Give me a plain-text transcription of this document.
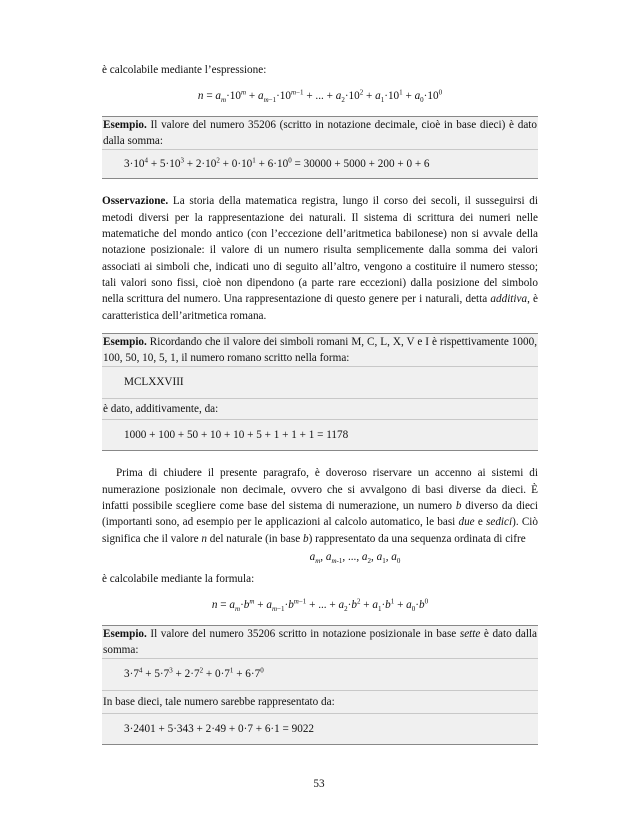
è calcolabile mediante l’espressione:

$n = a_m\cdot 10^m + a_{m-1}\cdot 10^{m-1}$ + ... + $a_2\cdot 10^2 + a_1\cdot 10^1 + a_0\cdot 10^0$
Esempio. Il valore del numero 35206 (scritto in notazione decimale, cioè in base dieci) è dato dalla somma:
$3\cdot 10^4 + 5\cdot 10^3 + 2\cdot 10^2 + 0\cdot 10^1 + 6\cdot 10^0 = 30000 + 5000 + 200 + 0 + 6$

Osservazione. La storia della matematica registra, lungo il corso dei secoli, il susseguirsi di metodi diversi per la rappresentazione dei naturali. Il sistema di scrittura dei numeri nelle matematiche del mondo antico (con l’eccezione dell’aritmetica babilonese) non si avvale della notazione posizionale: il valore di un numero risulta semplicemente dalla somma dei valori associati ai simboli che, indicati uno di seguito all’altro, vengono a costituire il numero stesso; tali valori sono fissi, cioè non dipendono (a parte rare eccezioni) dalla posizione del simbolo nella scrittura del numero. Una rappresentazione di questo genere per i naturali, detta additiva, è caratteristica dell’aritmetica romana.

Esempio. Ricordando che il valore dei simboli romani M, C, L, X, V e I è rispettivamente 1000, 100, 50, 10, 5, 1, il numero romano scritto nella forma:
MCLXXVIII
è dato, additivamente, da:
1000 + 100 + 50 + 10 + 10 + 5 + 1 + 1 + 1 = 1178

Prima di chiudere il presente paragrafo, è doveroso riservare un accenno ai sistemi di numerazione posizionale non decimale, ovvero che si avvalgono di basi diverse da dieci. È infatti possibile scegliere come base del sistema di numerazione, un numero b diverso da dieci (importanti sono, ad esempio per le applicazioni al calcolo automatico, le basi due e sedici). Ciò significa che il valore n del naturale (in base b) rappresentato da una sequenza ordinata di cifre

$a_m$, $a_{m-1}$, ..., $a_2$, $a_1$, $a_0$

è calcolabile mediante la formula:

$n = a_m\cdot b^m + a_{m-1}\cdot b^{m-1}$ + ... + $a_2\cdot b^2 + a_1\cdot b^1 + a_0\cdot b^0$
Esempio. Il valore del numero 35206 scritto in notazione posizionale in base sette è dato dalla somma:
$3\cdot 7^4 + 5\cdot 7^3 + 2\cdot 7^2 + 0\cdot 7^1 + 6\cdot 7^0$
In base dieci, tale numero sarebbe rappresentato da:
3·2401 + 5·343 + 2·49 + 0·7 + 6·1 = 9022
53
